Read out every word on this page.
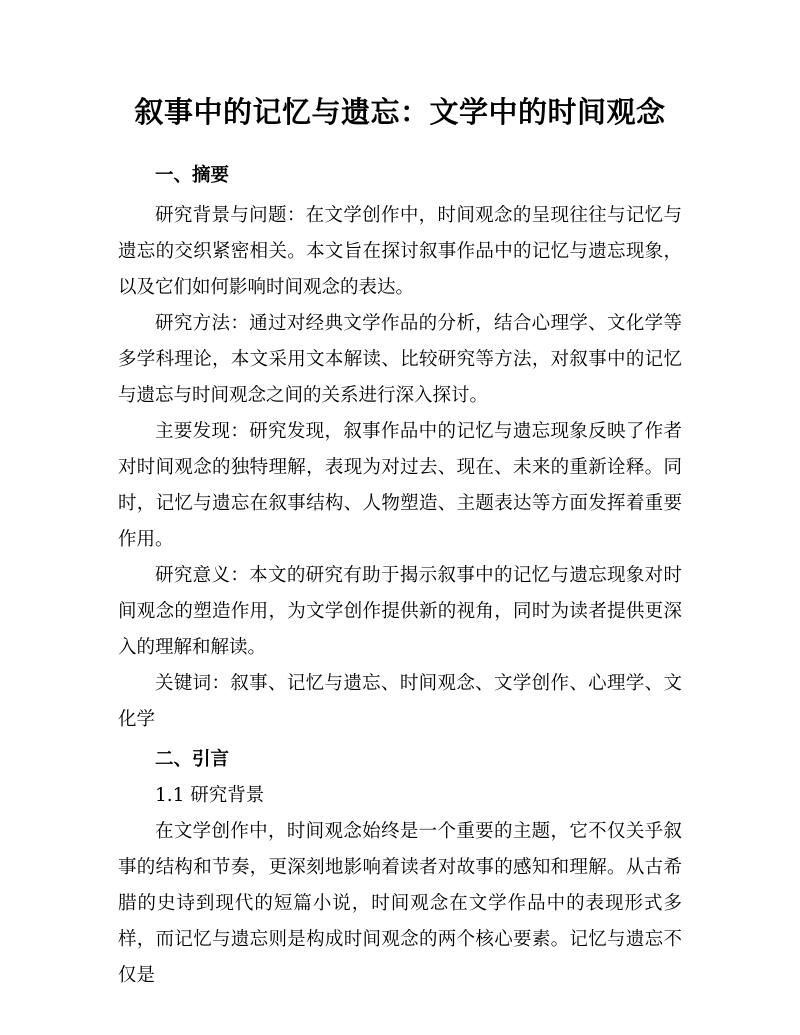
叙事中的记忆与遗忘：文学中的时间观念
一、摘要

研究背景与问题：在文学创作中，时间观念的呈现往往与记忆与遗忘的交织紧密相关。本文旨在探讨叙事作品中的记忆与遗忘现象，以及它们如何影响时间观念的表达。

研究方法：通过对经典文学作品的分析，结合心理学、文化学等多学科理论，本文采用文本解读、比较研究等方法，对叙事中的记忆与遗忘与时间观念之间的关系进行深入探讨。

主要发现：研究发现，叙事作品中的记忆与遗忘现象反映了作者对时间观念的独特理解，表现为对过去、现在、未来的重新诠释。同时，记忆与遗忘在叙事结构、人物塑造、主题表达等方面发挥着重要作用。

研究意义：本文的研究有助于揭示叙事中的记忆与遗忘现象对时间观念的塑造作用，为文学创作提供新的视角，同时为读者提供更深入的理解和解读。

关键词：叙事、记忆与遗忘、时间观念、文学创作、心理学、文化学

二、引言

1.1 研究背景

在文学创作中，时间观念始终是一个重要的主题，它不仅关乎叙事的结构和节奏，更深刻地影响着读者对故事的感知和理解。从古希腊的史诗到现代的短篇小说，时间观念在文学作品中的表现形式多样，而记忆与遗忘则是构成时间观念的两个核心要素。记忆与遗忘不仅是
